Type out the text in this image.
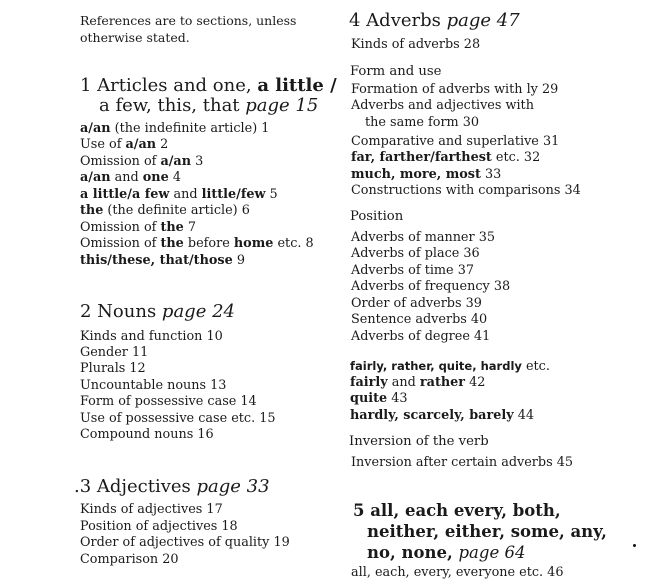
References are to sections, unless
otherwise stated.
1 Articles and one, a little /
a few, this, that page 15
a/an (the indefinite article) 1
Use of a/an 2
Omission of a/an 3
a/an and one 4
a little/a few and little/few 5
the (the definite article) 6
Omission of the 7
Omission of the before home etc. 8
this/these, that/those 9
2 Nouns page 24
Kinds and function 10
Gender 11
Plurals 12
Uncountable nouns 13
Form of possessive case 14
Use of possessive case etc. 15
Compound nouns 16
.3 Adjectives page 33
Kinds of adjectives 17
Position of adjectives 18
Order of adjectives of quality 19
Comparison 20
4 Adverbs page 47
Kinds of adverbs 28
Form and use
Formation of adverbs with ly 29
Adverbs and adjectives with
the same form 30
Comparative and superlative 31
far, farther/farthest etc. 32
much, more, most 33
Constructions with comparisons 34
Position
Adverbs of manner 35
Adverbs of place 36
Adverbs of time 37
Adverbs of frequency 38
Order of adverbs 39
Sentence adverbs 40
Adverbs of degree 41
fairly, rather, quite, hardly etc.
fairly and rather 42
quite 43
hardly, scarcely, barely 44
Inversion of the verb
Inversion after certain adverbs 45
5 all, each every, both,
neither, either, some, any,
no, none, page 64
all, each, every, everyone etc. 46
